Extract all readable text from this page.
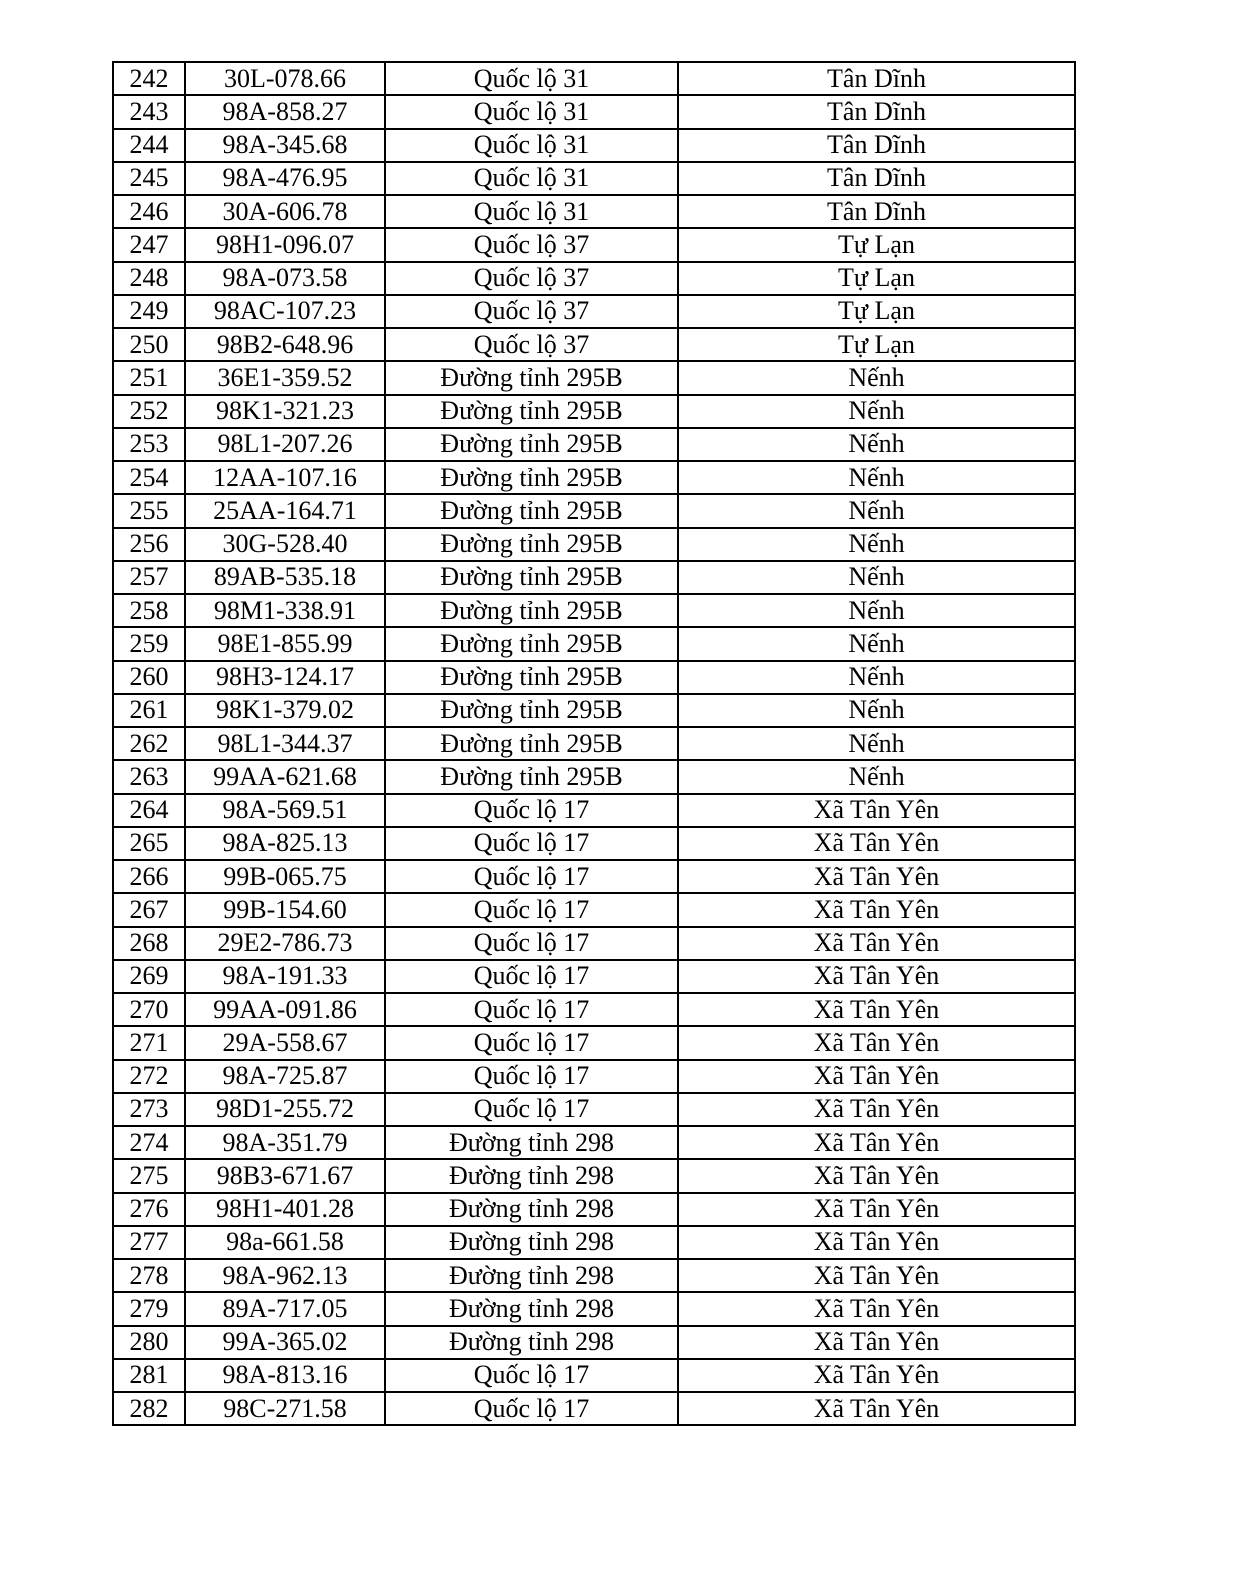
242	30L-078.66	Quốc lộ 31	Tân Dĩnh
243	98A-858.27	Quốc lộ 31	Tân Dĩnh
244	98A-345.68	Quốc lộ 31	Tân Dĩnh
245	98A-476.95	Quốc lộ 31	Tân Dĩnh
246	30A-606.78	Quốc lộ 31	Tân Dĩnh
247	98H1-096.07	Quốc lộ 37	Tự Lạn
248	98A-073.58	Quốc lộ 37	Tự Lạn
249	98AC-107.23	Quốc lộ 37	Tự Lạn
250	98B2-648.96	Quốc lộ 37	Tự Lạn
251	36E1-359.52	Đường tỉnh 295B	Nếnh
252	98K1-321.23	Đường tỉnh 295B	Nếnh
253	98L1-207.26	Đường tỉnh 295B	Nếnh
254	12AA-107.16	Đường tỉnh 295B	Nếnh
255	25AA-164.71	Đường tỉnh 295B	Nếnh
256	30G-528.40	Đường tỉnh 295B	Nếnh
257	89AB-535.18	Đường tỉnh 295B	Nếnh
258	98M1-338.91	Đường tỉnh 295B	Nếnh
259	98E1-855.99	Đường tỉnh 295B	Nếnh
260	98H3-124.17	Đường tỉnh 295B	Nếnh
261	98K1-379.02	Đường tỉnh 295B	Nếnh
262	98L1-344.37	Đường tỉnh 295B	Nếnh
263	99AA-621.68	Đường tỉnh 295B	Nếnh
264	98A-569.51	Quốc lộ 17	Xã Tân Yên
265	98A-825.13	Quốc lộ 17	Xã Tân Yên
266	99B-065.75	Quốc lộ 17	Xã Tân Yên
267	99B-154.60	Quốc lộ 17	Xã Tân Yên
268	29E2-786.73	Quốc lộ 17	Xã Tân Yên
269	98A-191.33	Quốc lộ 17	Xã Tân Yên
270	99AA-091.86	Quốc lộ 17	Xã Tân Yên
271	29A-558.67	Quốc lộ 17	Xã Tân Yên
272	98A-725.87	Quốc lộ 17	Xã Tân Yên
273	98D1-255.72	Quốc lộ 17	Xã Tân Yên
274	98A-351.79	Đường tỉnh 298	Xã Tân Yên
275	98B3-671.67	Đường tỉnh 298	Xã Tân Yên
276	98H1-401.28	Đường tỉnh 298	Xã Tân Yên
277	98a-661.58	Đường tỉnh 298	Xã Tân Yên
278	98A-962.13	Đường tỉnh 298	Xã Tân Yên
279	89A-717.05	Đường tỉnh 298	Xã Tân Yên
280	99A-365.02	Đường tỉnh 298	Xã Tân Yên
281	98A-813.16	Quốc lộ 17	Xã Tân Yên
282	98C-271.58	Quốc lộ 17	Xã Tân Yên
